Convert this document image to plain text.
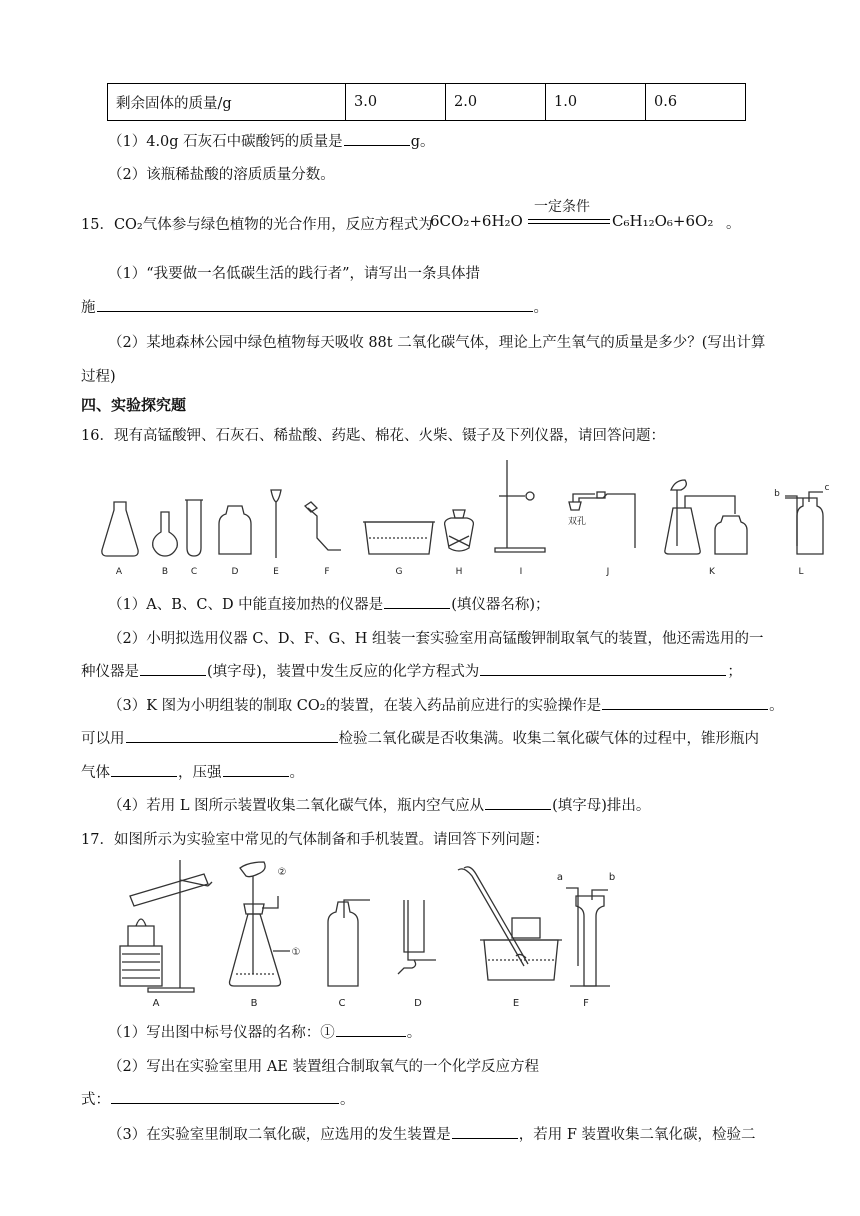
剩余固体的质量/g	3.0	2.0	1.0	0.6
（1）4.0g 石灰石中碳酸钙的质量是	g。
（2）该瓶稀盐酸的溶质质量分数。
15．CO₂气体参与绿色植物的光合作用，反应方程式为
6CO₂+6H₂O
一定条件
C₆H₁₂O₆+6O₂ 。
（1）“我要做一名低碳生活的践行者”，请写出一条具体措
施	。
（2）某地森林公园中绿色植物每天吸收 88t 二氧化碳气体，理论上产生氧气的质量是多少？(写出计算
过程)
四、实验探究题
16．现有高锰酸钾、石灰石、稀盐酸、药匙、棉花、火柴、镊子及下列仪器，请回答问题：
A	B	C	D	E	F	G	H	I	J	K	L
双孔
b
c
（1）A、B、C、D 中能直接加热的仪器是	(填仪器名称)；
（2）小明拟选用仪器 C、D、F、G、H 组装一套实验室用高锰酸钾制取氧气的装置，他还需选用的一
种仪器是	(填字母)，装置中发生反应的化学方程式为	；
（3）K 图为小明组装的制取 CO₂的装置，在装入药品前应进行的实验操作是	。
可以用	检验二氧化碳是否收集满。收集二氧化碳气体的过程中，锥形瓶内
气体	，压强	。
（4）若用 L 图所示装置收集二氧化碳气体，瓶内空气应从	(填字母)排出。
17．如图所示为实验室中常见的气体制备和手机装置。请回答下列问题：
A	B	C	D	E	F
①
②	a	b
（1）写出图中标号仪器的名称：①	。
（2）写出在实验室里用 AE 装置组合制取氧气的一个化学反应方程
式：	。
（3）在实验室里制取二氧化碳，应选用的发生装置是	，若用 F 装置收集二氧化碳，检验二
